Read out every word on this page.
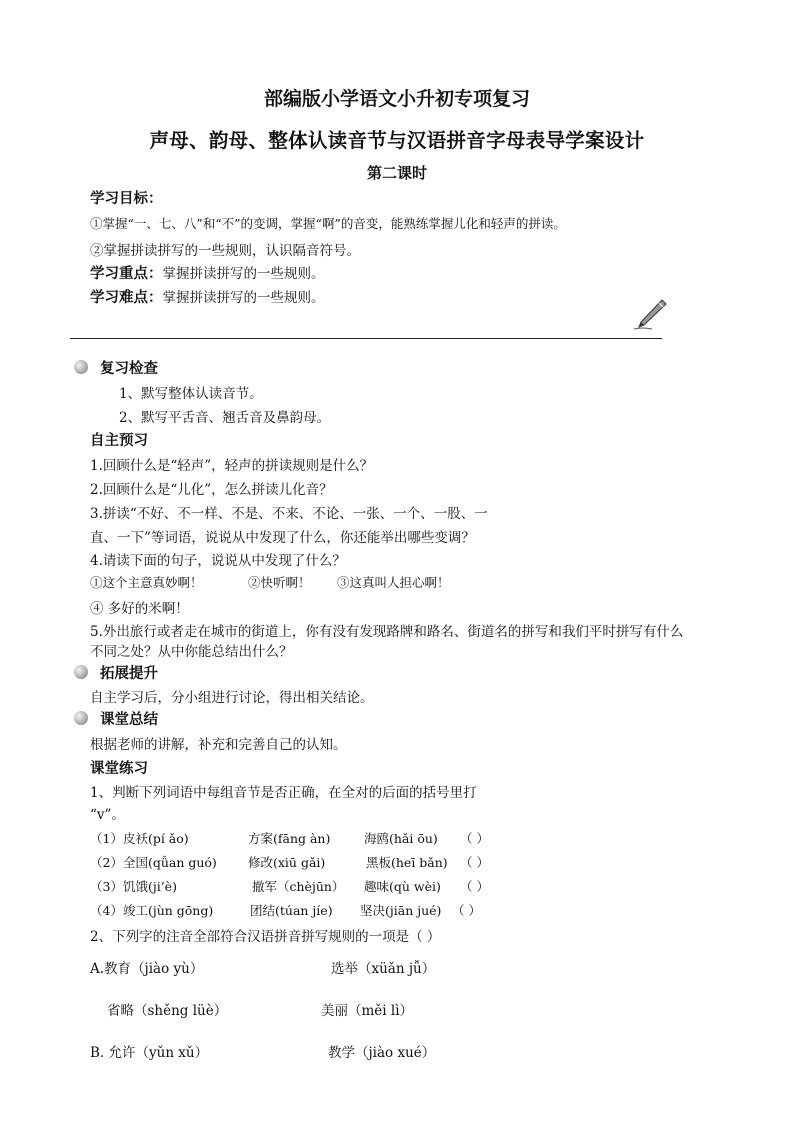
部编版小学语文小升初专项复习
声母、韵母、整体认读音节与汉语拼音字母表导学案设计
第二课时
学习目标：
①掌握“一、七、八”和“不”的变调，掌握“啊”的音变，能熟练掌握儿化和轻声的拼读。
②掌握拼读拼写的一些规则，认识隔音符号。
学习重点：掌握拼读拼写的一些规则。
学习难点：掌握拼读拼写的一些规则。
复习检查
1、默写整体认读音节。
2、默写平舌音、翘舌音及鼻韵母。
自主预习
1.回顾什么是“轻声”，轻声的拼读规则是什么？
2.回顾什么是“儿化”，怎么拼读儿化音？
3.拼读“不好、不一样、不是、不来、不论、一张、一个、一股、一
直、一下”等词语，说说从中发现了什么，你还能举出哪些变调？
4.请读下面的句子，说说从中发现了什么？
①这个主意真妙啊！	②快听啊！ ③这真叫人担心啊！
④ 多好的米啊！
5.外出旅行或者走在城市的街道上，你有没有发现路牌和路名、街道名的拼写和我们平时拼写有什么
不同之处？从中你能总结出什么？
拓展提升
自主学习后，分小组进行讨论，得出相关结论。
课堂总结
根据老师的讲解，补充和完善自己的认知。
课堂练习
1、判断下列词语中每组音节是否正确，在全对的后面的括号里打
“v”。
（1）皮袄(pí ǎo)	方案(fāng àn)	海鸥(hǎi ōu) （ ）
（2）全国(qǚan guó) 修改(xiū gǎi)	黑板(heī bǎn) （ ）
（3）饥饿(ji’è)	撤军（chèjūn） 趣味(qù wèi) （ ）
（4）竣工(jùn gōng)	团结(túan jíe) 坚决(jiān jué) （ ）
2、下列字的注音全部符合汉语拼音拼写规则的一项是（ ）
A.教育（jiào yù）	选举（xüǎn jǚ）
省略（shěng lüè）	美丽（měi lì）
B. 允许（yǔn xǔ）	教学（jiào xué）
